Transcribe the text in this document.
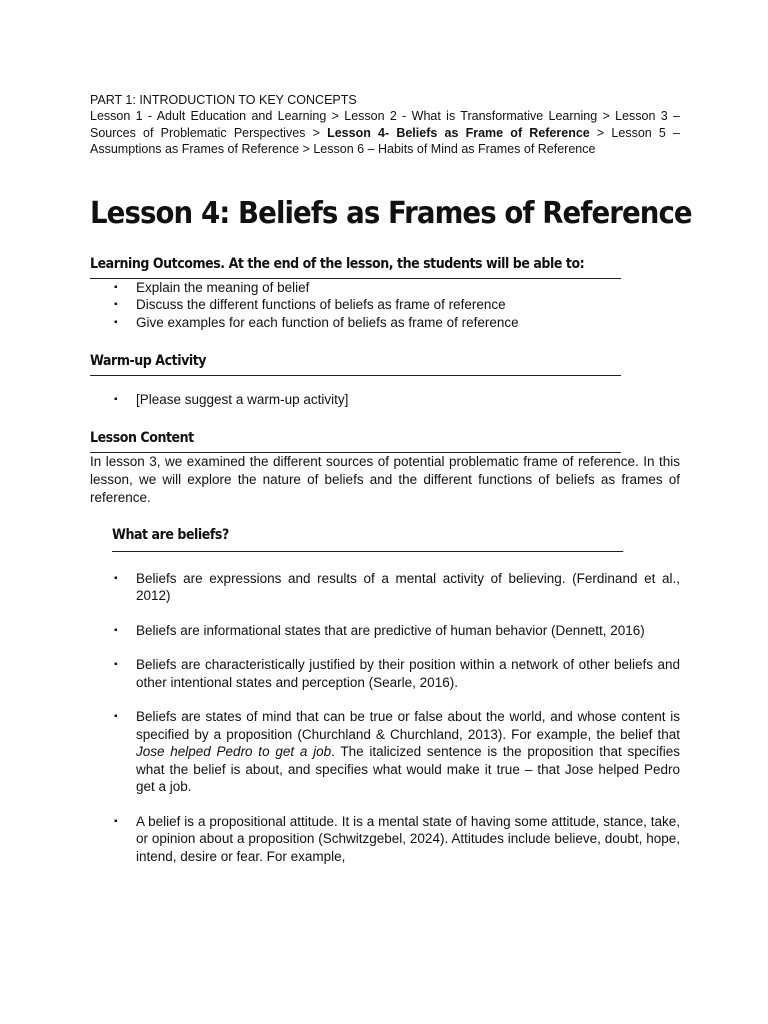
PART 1: INTRODUCTION TO KEY CONCEPTS

Lesson 1 - Adult Education and Learning > Lesson 2 - What is Transformative Learning > Lesson 3 – Sources of Problematic Perspectives > Lesson 4- Beliefs as Frame of Reference > Lesson 5 – Assumptions as Frames of Reference > Lesson 6 – Habits of Mind as Frames of Reference

Lesson 4: Beliefs as Frames of Reference
Learning Outcomes. At the end of the lesson, the students will be able to:
▪ Explain the meaning of belief
▪ Discuss the different functions of beliefs as frame of reference
▪ Give examples for each function of beliefs as frame of reference
Warm-up Activity
▪ [Please suggest a warm-up activity]
Lesson Content

In lesson 3, we examined the different sources of potential problematic frame of reference. In this lesson, we will explore the nature of beliefs and the different functions of beliefs as frames of reference.

What are beliefs?
▪ Beliefs are expressions and results of a mental activity of believing. (Ferdinand et al., 2012)
▪ Beliefs are informational states that are predictive of human behavior (Dennett, 2016)
▪ Beliefs are characteristically justified by their position within a network of other beliefs and other intentional states and perception (Searle, 2016).
▪ Beliefs are states of mind that can be true or false about the world, and whose content is specified by a proposition (Churchland & Churchland, 2013). For example, the belief that Jose helped Pedro to get a job. The italicized sentence is the proposition that specifies what the belief is about, and specifies what would make it true – that Jose helped Pedro get a job.
▪ A belief is a propositional attitude. It is a mental state of having some attitude, stance, take, or opinion about a proposition (Schwitzgebel, 2024). Attitudes include believe, doubt, hope, intend, desire or fear. For example,
